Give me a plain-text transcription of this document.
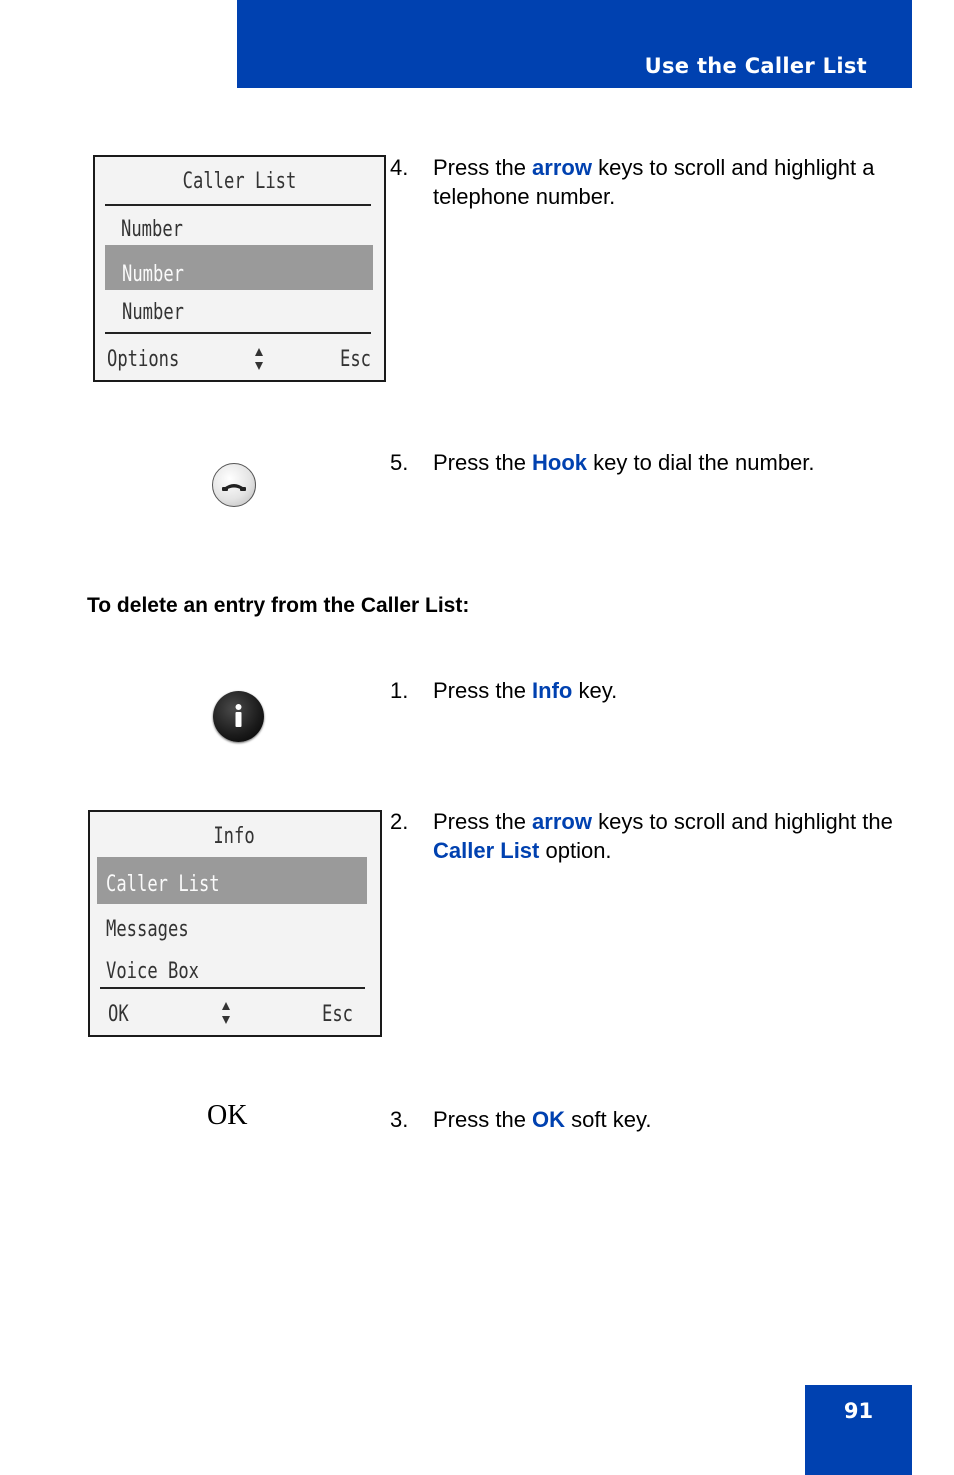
Use the Caller List
Caller List
Number
Number
Number
Options	Esc
4. Press the arrow keys to scroll and highlight a telephone number.
5. Press the Hook key to dial the number.
To delete an entry from the Caller List:
1. Press the Info key.
Info
Caller List
Messages
Voice Box
OK	Esc
2. Press the arrow keys to scroll and highlight the Caller List option.
OK	3. Press the OK soft key.
91
